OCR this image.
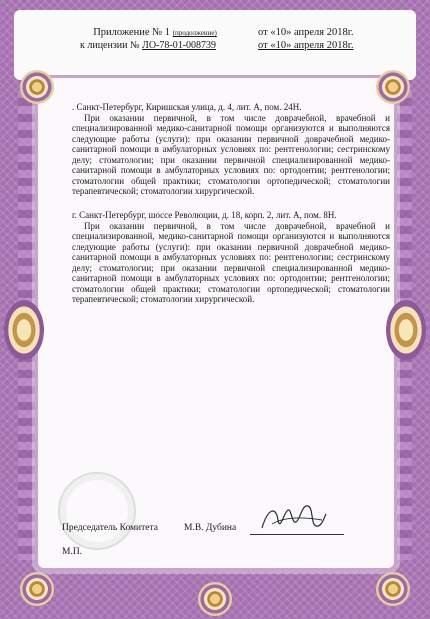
Приложение № 1 (продолжение)
к лицензии № ЛО-78-01-008739
от «10» апреля 2018г.
от «10» апреля 2018г.
. Санкт-Петербург, Киришская улица, д. 4, лит. А, пом. 24Н.
При оказании первичной, в том числе доврачебной, врачебной и специализированной медико-санитарной помощи организуются и выполняются следующие работы (услуги): при оказании первичной доврачебной медико-санитарной помощи в амбулаторных условиях по: рентгенологии; сестринскому делу; стоматологии; при оказании первичной специализированной медико-санитарной помощи в амбулаторных условиях по: ортодонтии; рентгенологии; стоматологии общей практики; стоматологии ортопедической; стоматологии терапевтической; стоматологии хирургической.
г. Санкт-Петербург, шоссе Революции, д. 18, корп. 2, лит. А, пом. 8Н.
При оказании первичной, в том числе доврачебной, врачебной и специализированной, медико-санитарной помощи организуются и выполняются следующие работы (услуги): при оказании первичной доврачебной медико-санитарной помощи в амбулаторных условиях по: рентгенологии; сестринскому делу; стоматологии; при оказании первичной специализированной медико-санитарной помощи в амбулаторных условиях по: ортодонтии; рентгенологии; стоматологии общей практики; стоматологии ортопедической; стоматологии терапевтической; стоматологии хирургической.
Председатель Комитета	М.В. Дубина
М.П.
